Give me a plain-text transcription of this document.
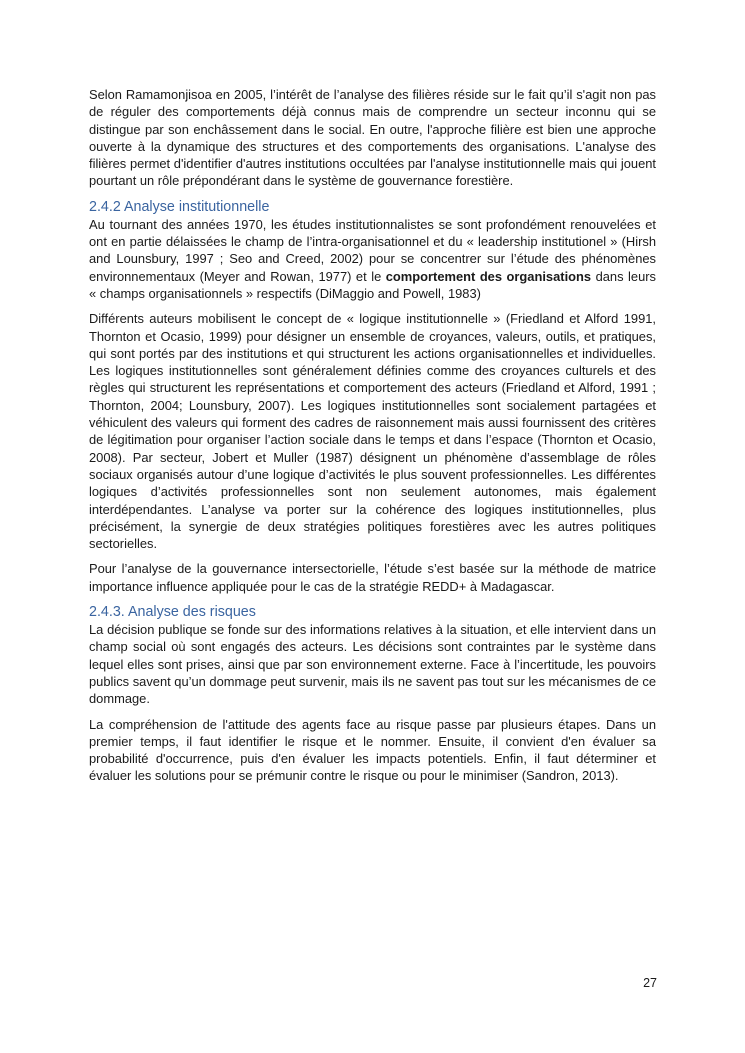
Selon Ramamonjisoa en 2005, l’intérêt de l’analyse des filières réside sur le fait qu’il s'agit non pas de réguler des comportements déjà connus mais de comprendre un secteur inconnu qui se distingue par son enchâssement dans le social. En outre, l'approche filière est bien une approche ouverte à la dynamique des structures et des comportements des organisations. L'analyse des filières permet d'identifier d'autres institutions occultées par l'analyse institutionnelle mais qui jouent pourtant un rôle prépondérant dans le système de gouvernance forestière.

2.4.2 Analyse institutionnelle

Au tournant des années 1970, les études institutionnalistes se sont profondément renouvelées et ont en partie délaissées le champ de l’intra-organisationnel et du « leadership institutionel » (Hirsh and Lounsbury, 1997 ; Seo and Creed, 2002) pour se concentrer sur l’étude des phénomènes environnementaux (Meyer and Rowan, 1977) et le comportement des organisations dans leurs « champs organisationnels » respectifs (DiMaggio and Powell, 1983)

Différents auteurs mobilisent le concept de « logique institutionnelle » (Friedland et Alford 1991, Thornton et Ocasio, 1999) pour désigner un ensemble de croyances, valeurs, outils, et pratiques, qui sont portés par des institutions et qui structurent les actions organisationnelles et individuelles. Les logiques institutionnelles sont généralement définies comme des croyances culturels et des règles qui structurent les représentations et comportement des acteurs (Friedland et Alford, 1991 ; Thornton, 2004; Lounsbury, 2007). Les logiques institutionnelles sont socialement partagées et véhiculent des valeurs qui forment des cadres de raisonnement mais aussi fournissent des critères de légitimation pour organiser l’action sociale dans le temps et dans l’espace (Thornton et Ocasio, 2008). Par secteur, Jobert et Muller (1987) désignent un phénomène d’assemblage de rôles sociaux organisés autour d’une logique d’activités le plus souvent professionnelles. Les différentes logiques d’activités professionnelles sont non seulement autonomes, mais également interdépendantes. L’analyse va porter sur la cohérence des logiques institutionnelles, plus précisément, la synergie de deux stratégies politiques forestières avec les autres politiques sectorielles.

Pour l’analyse de la gouvernance intersectorielle, l’étude s’est basée sur la méthode de matrice importance influence appliquée pour le cas de la stratégie REDD+ à Madagascar.

2.4.3. Analyse des risques

La décision publique se fonde sur des informations relatives à la situation, et elle intervient dans un champ social où sont engagés des acteurs. Les décisions sont contraintes par le système dans lequel elles sont prises, ainsi que par son environnement externe. Face à l’incertitude, les pouvoirs publics savent qu’un dommage peut survenir, mais ils ne savent pas tout sur les mécanismes de ce dommage.

La compréhension de l'attitude des agents face au risque passe par plusieurs étapes. Dans un premier temps, il faut identifier le risque et le nommer. Ensuite, il convient d'en évaluer sa probabilité d'occurrence, puis d'en évaluer les impacts potentiels. Enfin, il faut déterminer et évaluer les solutions pour se prémunir contre le risque ou pour le minimiser (Sandron, 2013).

27
